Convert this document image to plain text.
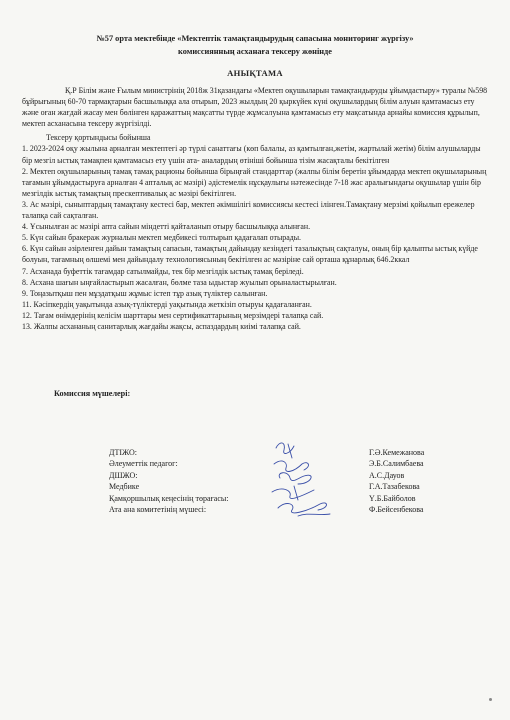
№57 орта мектебінде «Мектептік тамақтандырудың сапасына мониторинг жүргізу»
комиссиянның асханаға тексеру жөнінде
АНЫҚТАМА

Қ.Р Білім және Ғылым министрінің 2018ж 31қазандағы «Мектеп оқушыларын тамақтандыруды ұйымдастыру» туралы №598 бұйрығының 60-70 тармақтарын басшылыққа ала отырып, 2023 жылдың 20 қыркүйек күні оқушылардың білім алуын қамтамасыз ету және оған жағдай жасау мен бөлінген қаражаттың мақсатты түрде жұмсалуына қамтамасыз ету мақсатында арнайы комиссия құрылып, мектеп асханасына тексеру жүргізілді.

Тексеру қортындысы бойынша

1. 2023-2024 оқу жылына арналған мектептегі әр түрлі санаттағы (көп балалы, аз қамтылған,жетім, жартылай жетім) білім алушыларды бір мезгіл ыстық тамақпен қамтамасыз ету үшін ата- аналардың өтініші бойынша тізім жасақталы бекітілген
2. Мектеп оқушыларының тамақ тамақ рационы бойынша бірыңғай стандарттар (жалпы білім беретін ұйымдарда мектеп оқушыларының тағамын ұйымдастыруға арналған 4 апталық ас мәзірі) әдістемелік нұсқаулығы нәтежесінде 7-18 жас аралығындағы оқушылар үшін бір мезгілдік ыстық тамақтың прескептивалық ас мәзірі бекітілген.
3. Ас мәзірі, сыныптардың тамақтану кестесі бар, мектеп әкімшілігі комиссиясы кестесі ілінген.Тамақтану мерзімі қойылып ережелер талапқа сай сақталған.
4. Ұсынылған ас мәзірі апта сайын міндетті қайталанып отыру басшылыққа алынған.
5. Күн сайын бракераж журналын мектеп медбикесі толтырып қадағалап отырады.
6. Күн сайын әзірленген дайын тамақтың сапасын, тамақтың дайындау кезіндегі тазалықтың сақталуы, оның бір қалыпты ыстық күйде болуын, тағамның өлшемі мен дайындалу технологиясының бекітілген ас мәзіріне сай орташа құнарлық 646.2ккал
7. Асханада буфеттік тағамдар сатылмайды, тек бір мезгілдік ыстық тамақ беріледі.
8. Асхана шағын ыңғайластырып жасалған, бөлме таза ыдыстар жуылып орыналастырылған.
9. Тоңазытқыш пен мұздатқыш жұмыс істеп тұр азық түліктер салынған.
11. Кәсіпкердің уақытында азық-түліктерді уақытында жеткізіп отыруы қадағаланған.
12. Тағам өнімдерінің келісім шарттары мен сертификаттарының мерзімдері талапқа сай.
13. Жалпы асхананың санитарлық жағдайы жақсы, аспаздардың киімі талапқа сай.
Комиссия мүшелері:
ДТІЖО:	Г.Ә.Кемежанова
Әлеуметтік педагог:	Э.Б.Салимбаева
ДШЖО:	А.С.Дауов
Медбике	Г.А.Тазабекова
Қамқоршылық кеңесінің төрағасы:	Ү.Б.Байболов
Ата ана комитетінің мүшесі:	Ф.Бейсенбекова
